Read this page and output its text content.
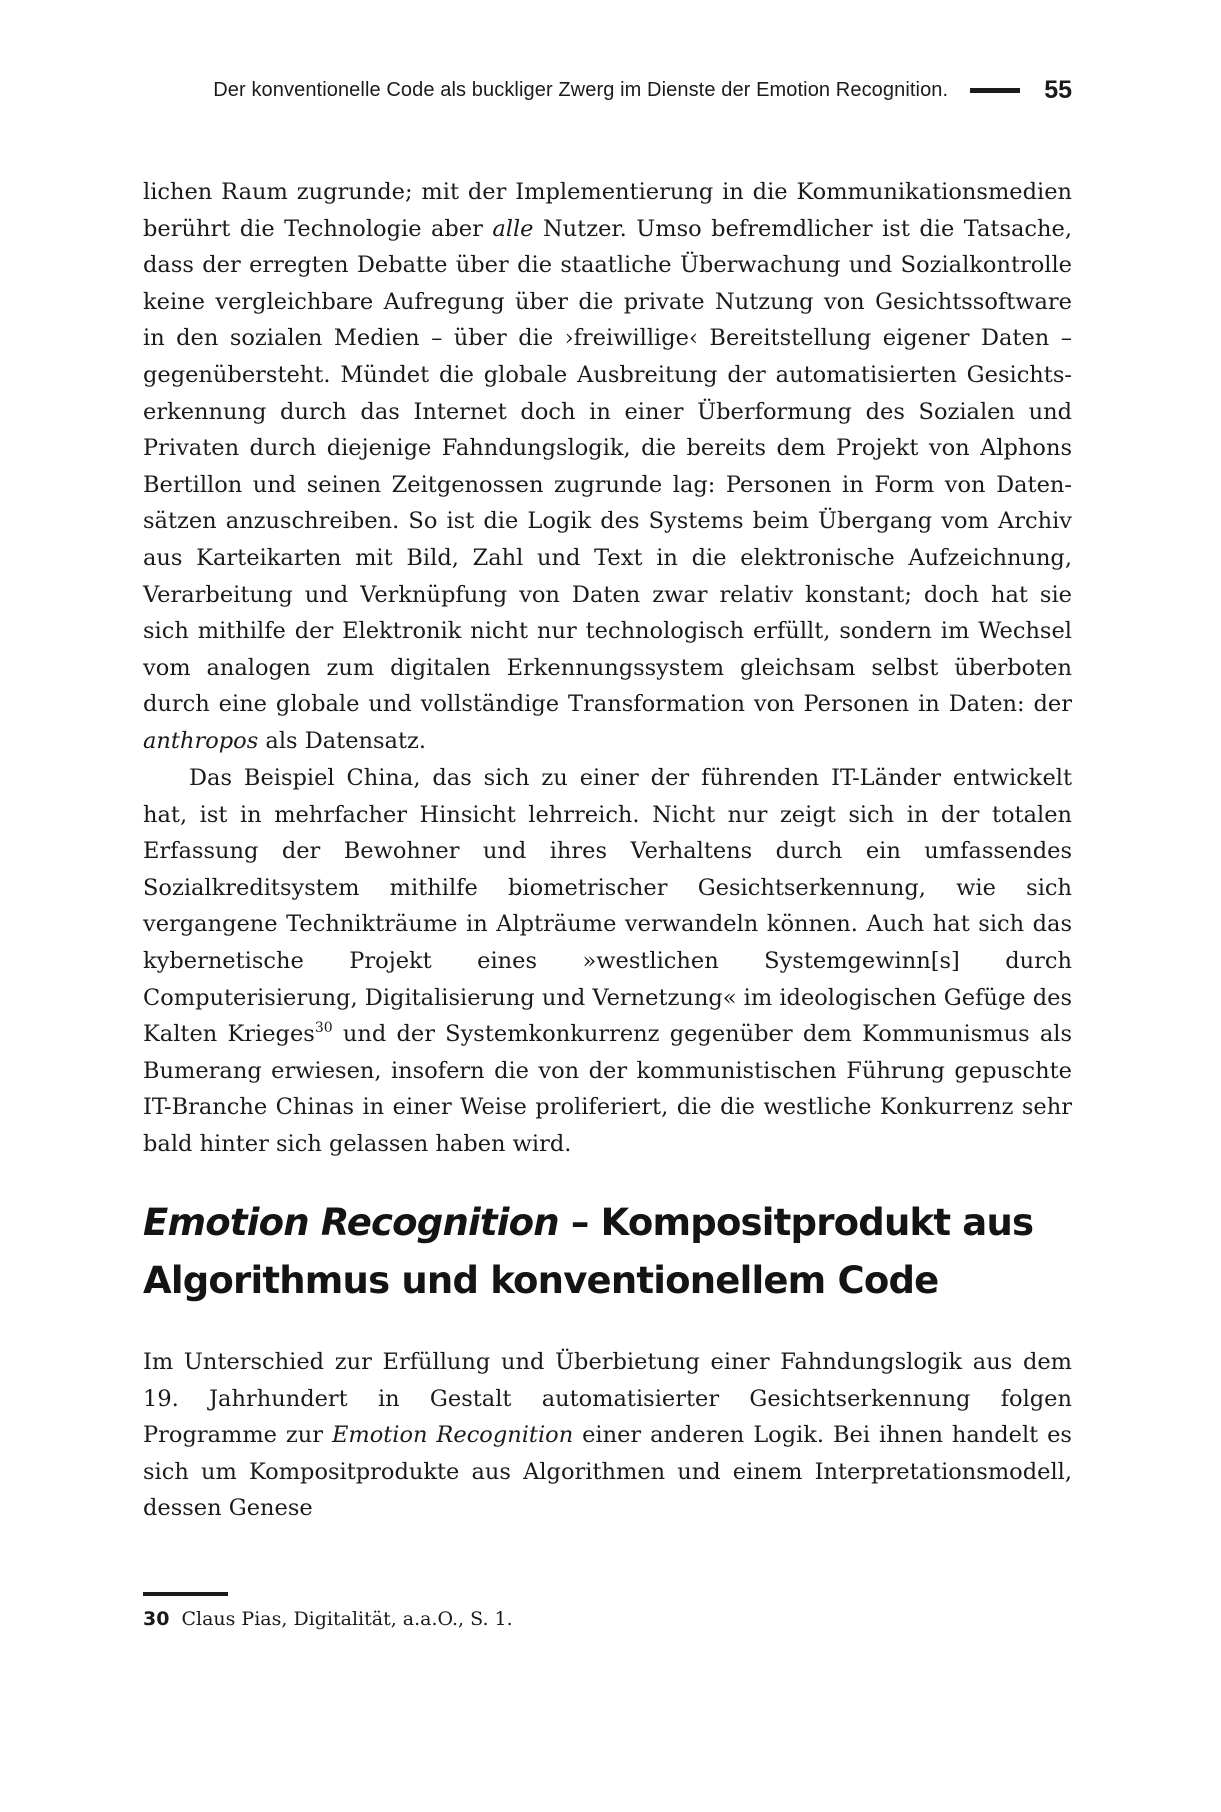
Der konventionelle Code als buckliger Zwerg im Dienste der Emotion Recognition.	55

lichen Raum zugrunde; mit der Implementierung in die Kommunikationsmedien berührt die Technologie aber alle Nutzer. Umso befremdlicher ist die Tatsache, dass der erregten Debatte über die staatliche Überwachung und Sozialkontrolle keine vergleichbare Aufregung über die private Nutzung von Gesichtssoftware in den sozialen Medien – über die ›freiwillige‹ Bereitstellung eigener Daten – gegenübersteht. Mündet die globale Ausbreitung der automatisierten Gesichtserkennung durch das Internet doch in einer Überformung des Sozialen und Privaten durch diejenige Fahndungslogik, die bereits dem Projekt von Alphons Bertillon und seinen Zeitgenossen zugrunde lag: Personen in Form von Datensätzen anzuschreiben. So ist die Logik des Systems beim Übergang vom Archiv aus Karteikarten mit Bild, Zahl und Text in die elektronische Aufzeichnung, Verarbeitung und Verknüpfung von Daten zwar relativ konstant; doch hat sie sich mithilfe der Elektronik nicht nur technologisch erfüllt, sondern im Wechsel vom analogen zum digitalen Erkennungssystem gleichsam selbst überboten durch eine globale und vollständige Transformation von Personen in Daten: der anthropos als Datensatz.

Das Beispiel China, das sich zu einer der führenden IT-Länder entwickelt hat, ist in mehrfacher Hinsicht lehrreich. Nicht nur zeigt sich in der totalen Erfassung der Bewohner und ihres Verhaltens durch ein umfassendes Sozialkreditsystem mithilfe biometrischer Gesichtserkennung, wie sich vergangene Technikträume in Alpträume verwandeln können. Auch hat sich das kybernetische Projekt eines »westlichen Systemgewinn[s] durch Computerisierung, Digitalisierung und Vernetzung« im ideologischen Gefüge des Kalten Krieges$^{30}$ und der Systemkonkurrenz gegenüber dem Kommunismus als Bumerang erwiesen, insofern die von der kommunistischen Führung gepuschte IT-Branche Chinas in einer Weise proliferiert, die die westliche Konkurrenz sehr bald hinter sich gelassen haben wird.

Emotion Recognition – Kompositprodukt aus
Algorithmus und konventionellem Code

Im Unterschied zur Erfüllung und Überbietung einer Fahndungslogik aus dem 19. Jahrhundert in Gestalt automatisierter Gesichtserkennung folgen Programme zur Emotion Recognition einer anderen Logik. Bei ihnen handelt es sich um Kompositprodukte aus Algorithmen und einem Interpretationsmodell, dessen Genese

30 Claus Pias, Digitalität, a.a.O., S. 1.
